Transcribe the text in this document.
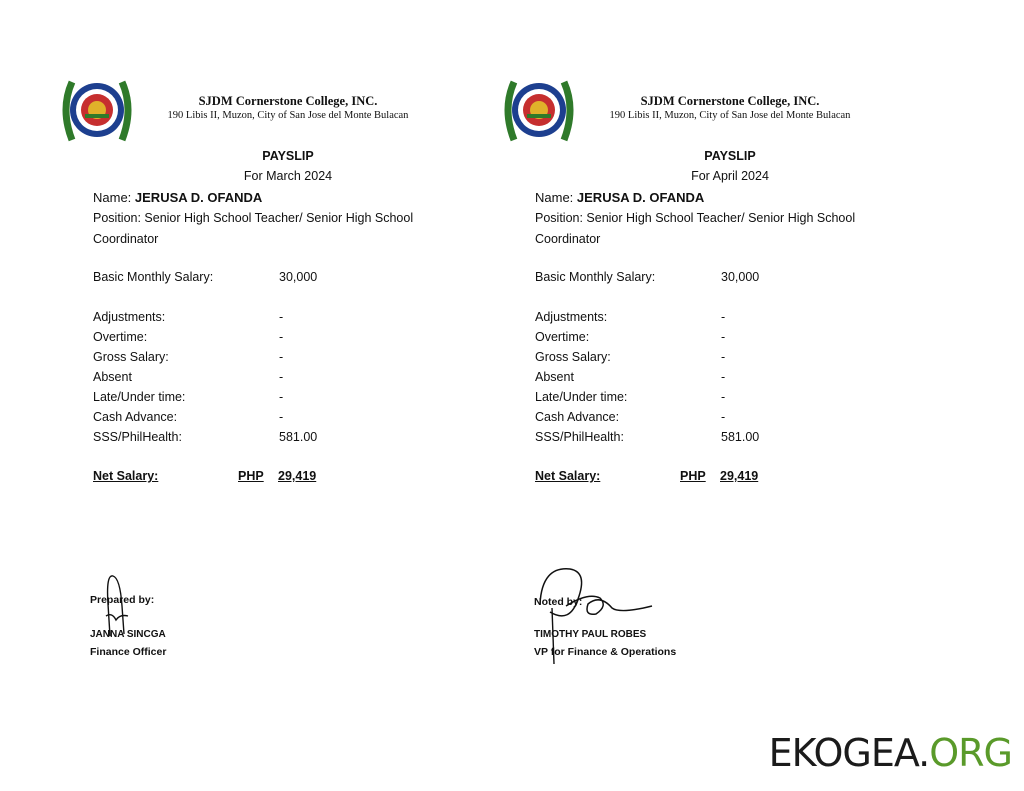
SJDM Cornerstone College, INC.
190 Libis II, Muzon, City of San Jose del Monte Bulacan
PAYSLIP
For March 2024
Name: JERUSA D. OFANDA
Position: Senior High School Teacher/ Senior High School Coordinator
Basic Monthly Salary:	30,000
Adjustments:	-
Overtime:	-
Gross Salary:	-
Absent	-
Late/Under time:	-
Cash Advance:	-
SSS/PhilHealth:	581.00
Net Salary:	PHP 29,419
Prepared by:
JANNA SINCGA
Finance Officer
SJDM Cornerstone College, INC.
190 Libis II, Muzon, City of San Jose del Monte Bulacan
PAYSLIP
For April 2024
Name: JERUSA D. OFANDA
Position: Senior High School Teacher/ Senior High School Coordinator
Basic Monthly Salary:	30,000
Adjustments:	-
Overtime:	-
Gross Salary:	-
Absent	-
Late/Under time:	-
Cash Advance:	-
SSS/PhilHealth:	581.00
Net Salary:	PHP 29,419
Noted by:
TIMOTHY PAUL ROBES
VP for Finance & Operations
EKOGEA.ORG
